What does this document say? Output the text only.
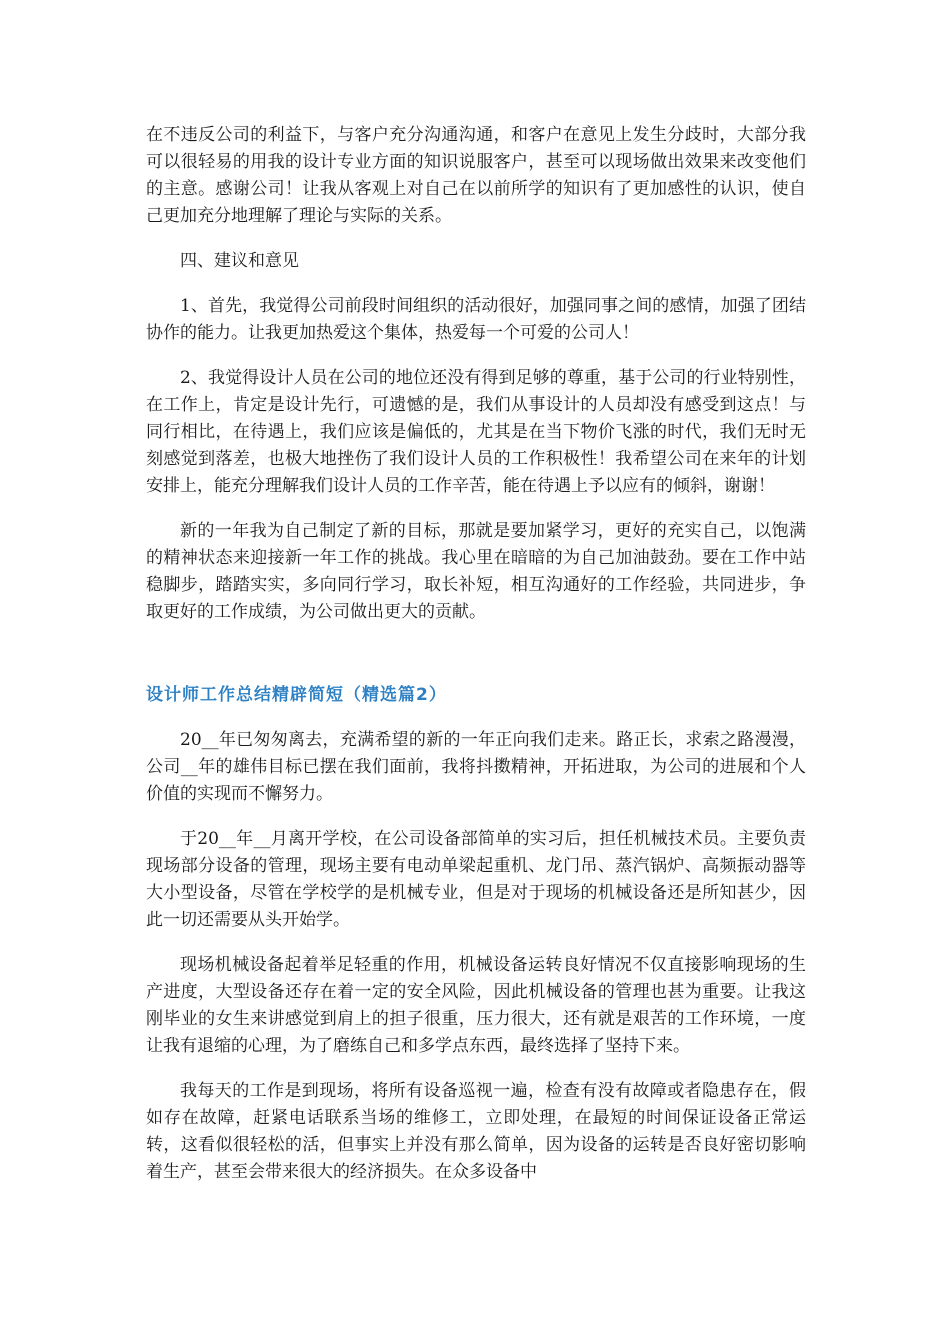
在不违反公司的利益下，与客户充分沟通沟通，和客户在意见上发生分歧时，大部分我可以很轻易的用我的设计专业方面的知识说服客户，甚至可以现场做出效果来改变他们的主意。感谢公司！让我从客观上对自己在以前所学的知识有了更加感性的认识，使自己更加充分地理解了理论与实际的关系。

四、建议和意见

1、首先，我觉得公司前段时间组织的活动很好，加强同事之间的感情，加强了团结协作的能力。让我更加热爱这个集体，热爱每一个可爱的公司人！

2、我觉得设计人员在公司的地位还没有得到足够的尊重，基于公司的行业特别性，在工作上，肯定是设计先行，可遗憾的是，我们从事设计的人员却没有感受到这点！与同行相比，在待遇上，我们应该是偏低的，尤其是在当下物价飞涨的时代，我们无时无刻感觉到落差，也极大地挫伤了我们设计人员的工作积极性！我希望公司在来年的计划安排上，能充分理解我们设计人员的工作辛苦，能在待遇上予以应有的倾斜，谢谢！

新的一年我为自己制定了新的目标，那就是要加紧学习，更好的充实自己，以饱满的精神状态来迎接新一年工作的挑战。我心里在暗暗的为自己加油鼓劲。要在工作中站稳脚步，踏踏实实，多向同行学习，取长补短，相互沟通好的工作经验，共同进步，争取更好的工作成绩，为公司做出更大的贡献。

设计师工作总结精辟简短（精选篇2）

20__年已匆匆离去，充满希望的新的一年正向我们走来。路正长，求索之路漫漫，公司__年的雄伟目标已摆在我们面前，我将抖擞精神，开拓进取，为公司的进展和个人价值的实现而不懈努力。

于20__年__月离开学校，在公司设备部简单的实习后，担任机械技术员。主要负责现场部分设备的管理，现场主要有电动单梁起重机、龙门吊、蒸汽锅炉、高频振动器等大小型设备，尽管在学校学的是机械专业，但是对于现场的机械设备还是所知甚少，因此一切还需要从头开始学。

现场机械设备起着举足轻重的作用，机械设备运转良好情况不仅直接影响现场的生产进度，大型设备还存在着一定的安全风险，因此机械设备的管理也甚为重要。让我这刚毕业的女生来讲感觉到肩上的担子很重，压力很大，还有就是艰苦的工作环境，一度让我有退缩的心理，为了磨练自己和多学点东西，最终选择了坚持下来。

我每天的工作是到现场，将所有设备巡视一遍，检查有没有故障或者隐患存在，假如存在故障，赶紧电话联系当场的维修工，立即处理，在最短的时间保证设备正常运转，这看似很轻松的活，但事实上并没有那么简单，因为设备的运转是否良好密切影响着生产，甚至会带来很大的经济损失。在众多设备中
